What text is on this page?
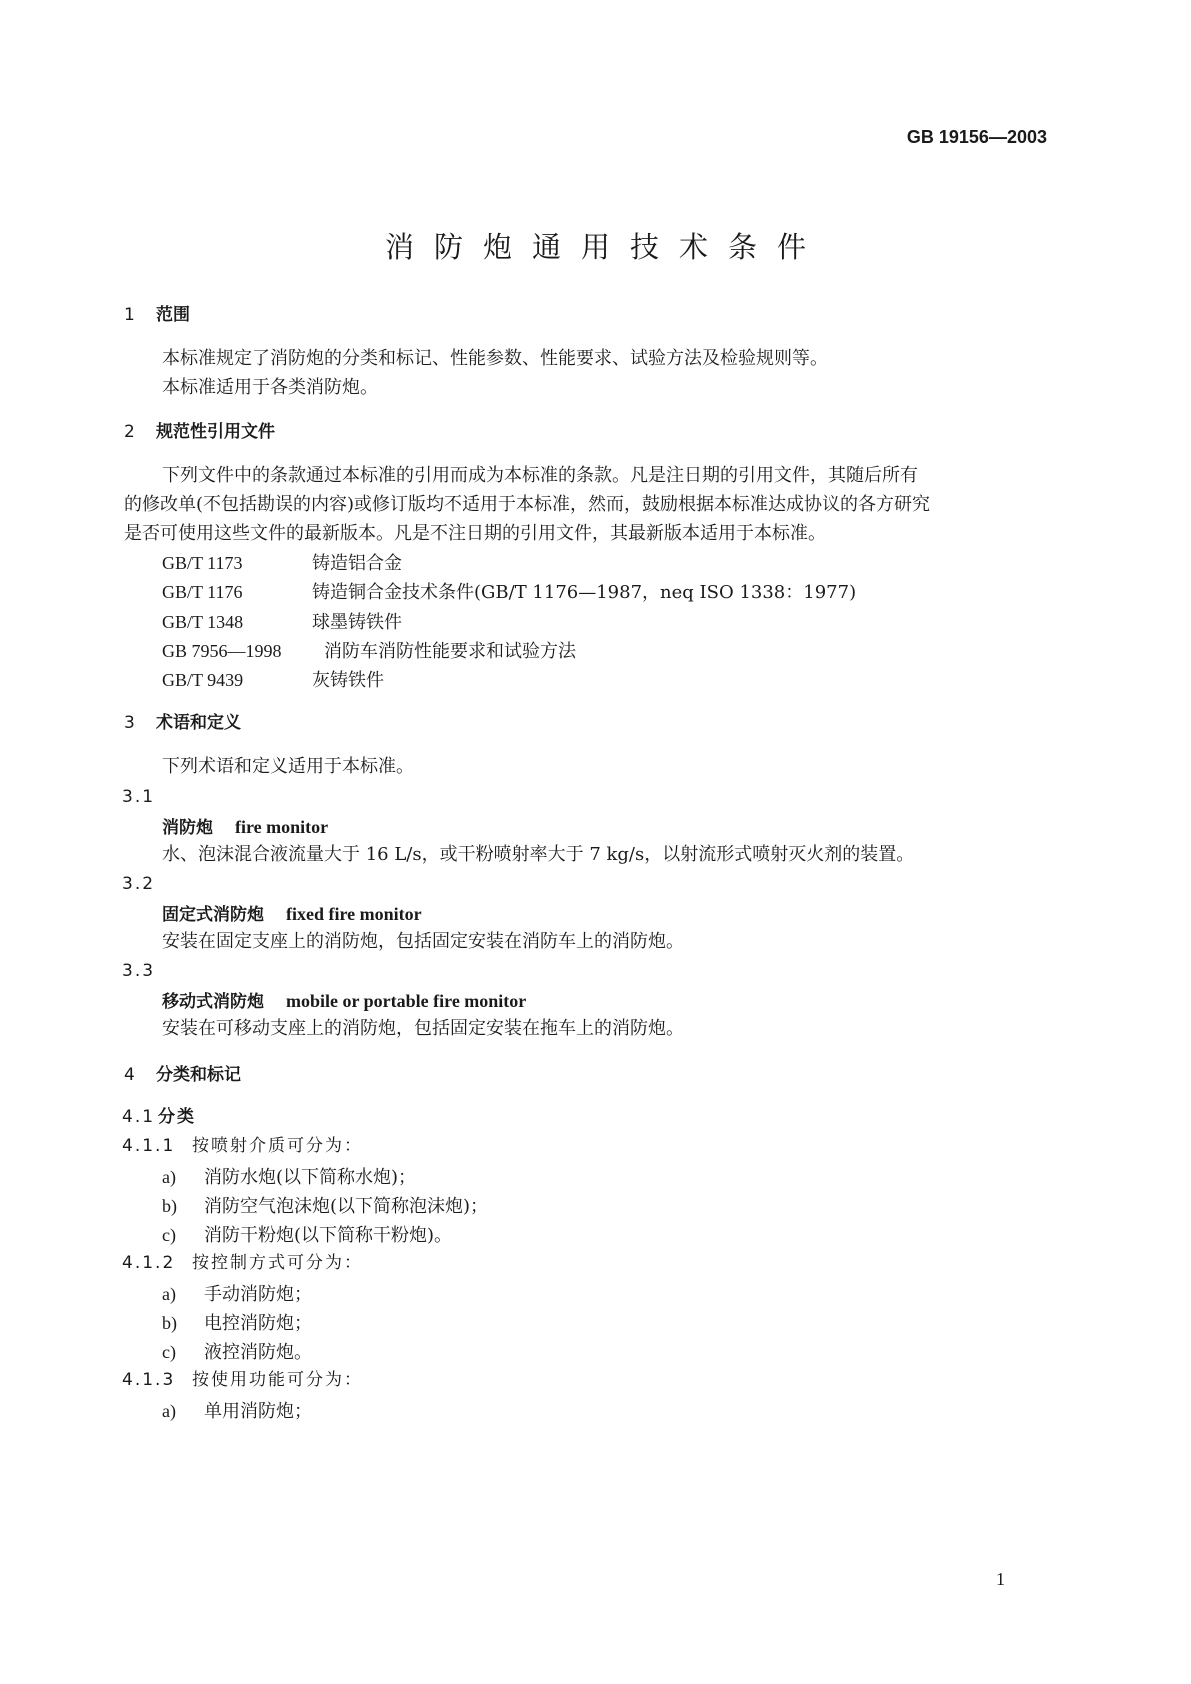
GB 19156—2003
消防炮通用技术条件
1 范围
本标准规定了消防炮的分类和标记、性能参数、性能要求、试验方法及检验规则等。
本标准适用于各类消防炮。
2 规范性引用文件
下列文件中的条款通过本标准的引用而成为本标准的条款。凡是注日期的引用文件，其随后所有
的修改单(不包括勘误的内容)或修订版均不适用于本标准，然而，鼓励根据本标准达成协议的各方研究
是否可使用这些文件的最新版本。凡是不注日期的引用文件，其最新版本适用于本标准。
GB/T 1173	铸造铝合金
GB/T 1176	铸造铜合金技术条件(GB/T 1176—1987，neq ISO 1338：1977)
GB/T 1348	球墨铸铁件
GB 7956—1998 消防车消防性能要求和试验方法
GB/T 9439	灰铸铁件
3 术语和定义
下列术语和定义适用于本标准。
3.1
消防炮 fire monitor
水、泡沫混合液流量大于 16 L/s，或干粉喷射率大于 7 kg/s，以射流形式喷射灭火剂的装置。
3.2
固定式消防炮 fixed fire monitor
安装在固定支座上的消防炮，包括固定安装在消防车上的消防炮。
3.3
移动式消防炮 mobile or portable fire monitor
安装在可移动支座上的消防炮，包括固定安装在拖车上的消防炮。
4 分类和标记
4.1 分类
4.1.1 按喷射介质可分为：
a) 消防水炮(以下简称水炮)；
b) 消防空气泡沫炮(以下简称泡沫炮)；
c) 消防干粉炮(以下简称干粉炮)。
4.1.2 按控制方式可分为：
a) 手动消防炮；
b) 电控消防炮；
c) 液控消防炮。
4.1.3 按使用功能可分为：
a) 单用消防炮；
1
